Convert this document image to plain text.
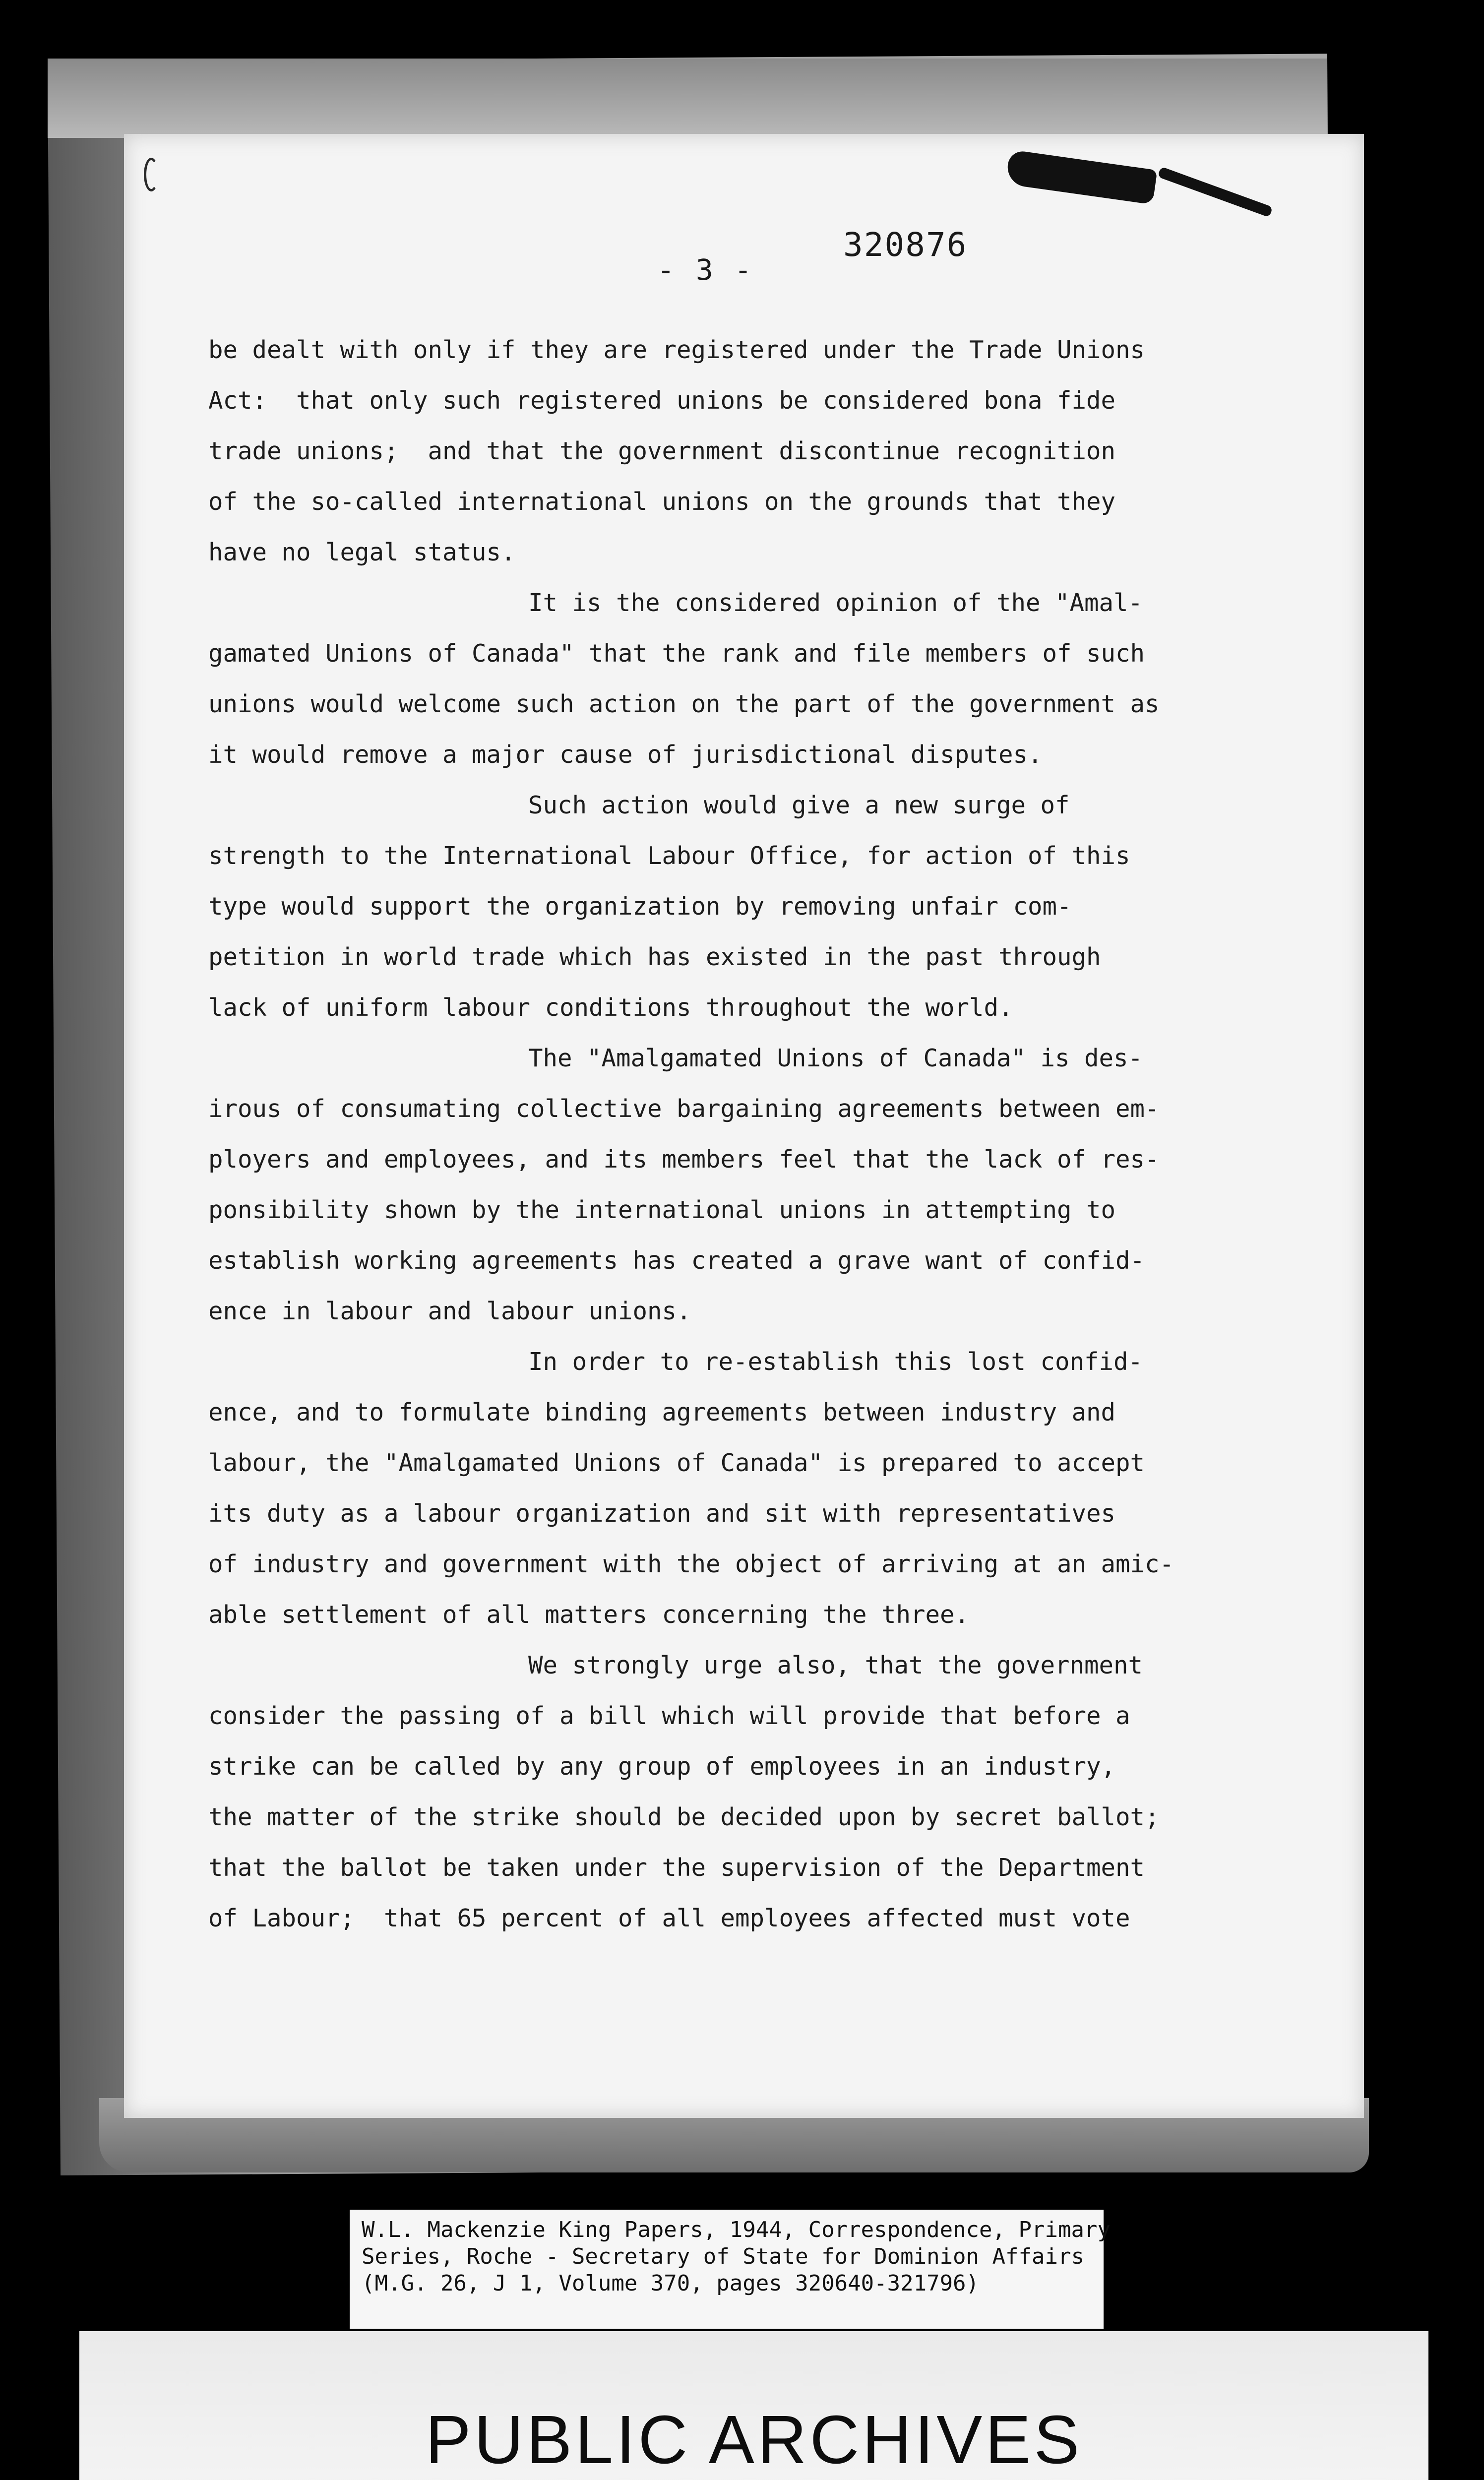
320876
- 3 -
be dealt with only if they are registered under the Trade Unions
Act:  that only such registered unions be considered bona fide
trade unions;  and that the government discontinue recognition
of the so-called international unions on the grounds that they
have no legal status.
It is the considered opinion of the "Amal-
gamated Unions of Canada" that the rank and file members of such
unions would welcome such action on the part of the government as
it would remove a major cause of jurisdictional disputes.
Such action would give a new surge of
strength to the International Labour Office, for action of this
type would support the organization by removing unfair com-
petition in world trade which has existed in the past through
lack of uniform labour conditions throughout the world.
The "Amalgamated Unions of Canada" is des-
irous of consumating collective bargaining agreements between em-
ployers and employees, and its members feel that the lack of res-
ponsibility shown by the international unions in attempting to
establish working agreements has created a grave want of confid-
ence in labour and labour unions.
In order to re-establish this lost confid-
ence, and to formulate binding agreements between industry and
labour, the "Amalgamated Unions of Canada" is prepared to accept
its duty as a labour organization and sit with representatives
of industry and government with the object of arriving at an amic-
able settlement of all matters concerning the three.
We strongly urge also, that the government
consider the passing of a bill which will provide that before a
strike can be called by any group of employees in an industry,
the matter of the strike should be decided upon by secret ballot;
that the ballot be taken under the supervision of the Department
of Labour;  that 65 percent of all employees affected must vote
W.L. Mackenzie King Papers, 1944, Correspondence, Primary
Series, Roche - Secretary of State for Dominion Affairs
(M.G. 26, J 1, Volume 370, pages 320640-321796)
PUBLIC ARCHIVES
